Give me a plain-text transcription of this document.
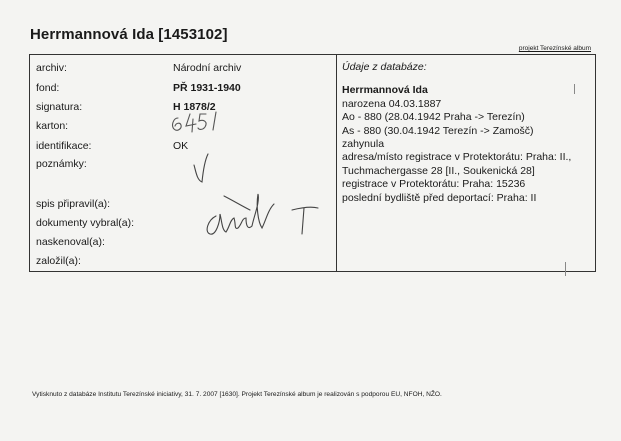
Herrmannová Ida [1453102]
projekt Terezínské album
archiv:
fond:
signatura:
karton:
identifikace:
poznámky:
spis připravil(a):
dokumenty vybral(a):
naskenoval(a):
založil(a):
Národní archiv
PŘ 1931-1940
H 1878/2
OK
Údaje z databáze:
Herrmannová Ida
narozena 04.03.1887
Ao - 880 (28.04.1942 Praha -> Terezín)
As - 880 (30.04.1942 Terezín -> Zamošč)
zahynula
adresa/místo registrace v Protektorátu: Praha: II.,
Tuchmachergasse 28 [II., Soukenická 28]
registrace v Protektorátu: Praha: 15236
poslední bydliště před deportací: Praha: II
Vytisknuto z databáze Institutu Terezínské iniciativy, 31. 7. 2007 [1630]. Projekt Terezínské album je realizován s podporou EU, NFOH, NŽO.
